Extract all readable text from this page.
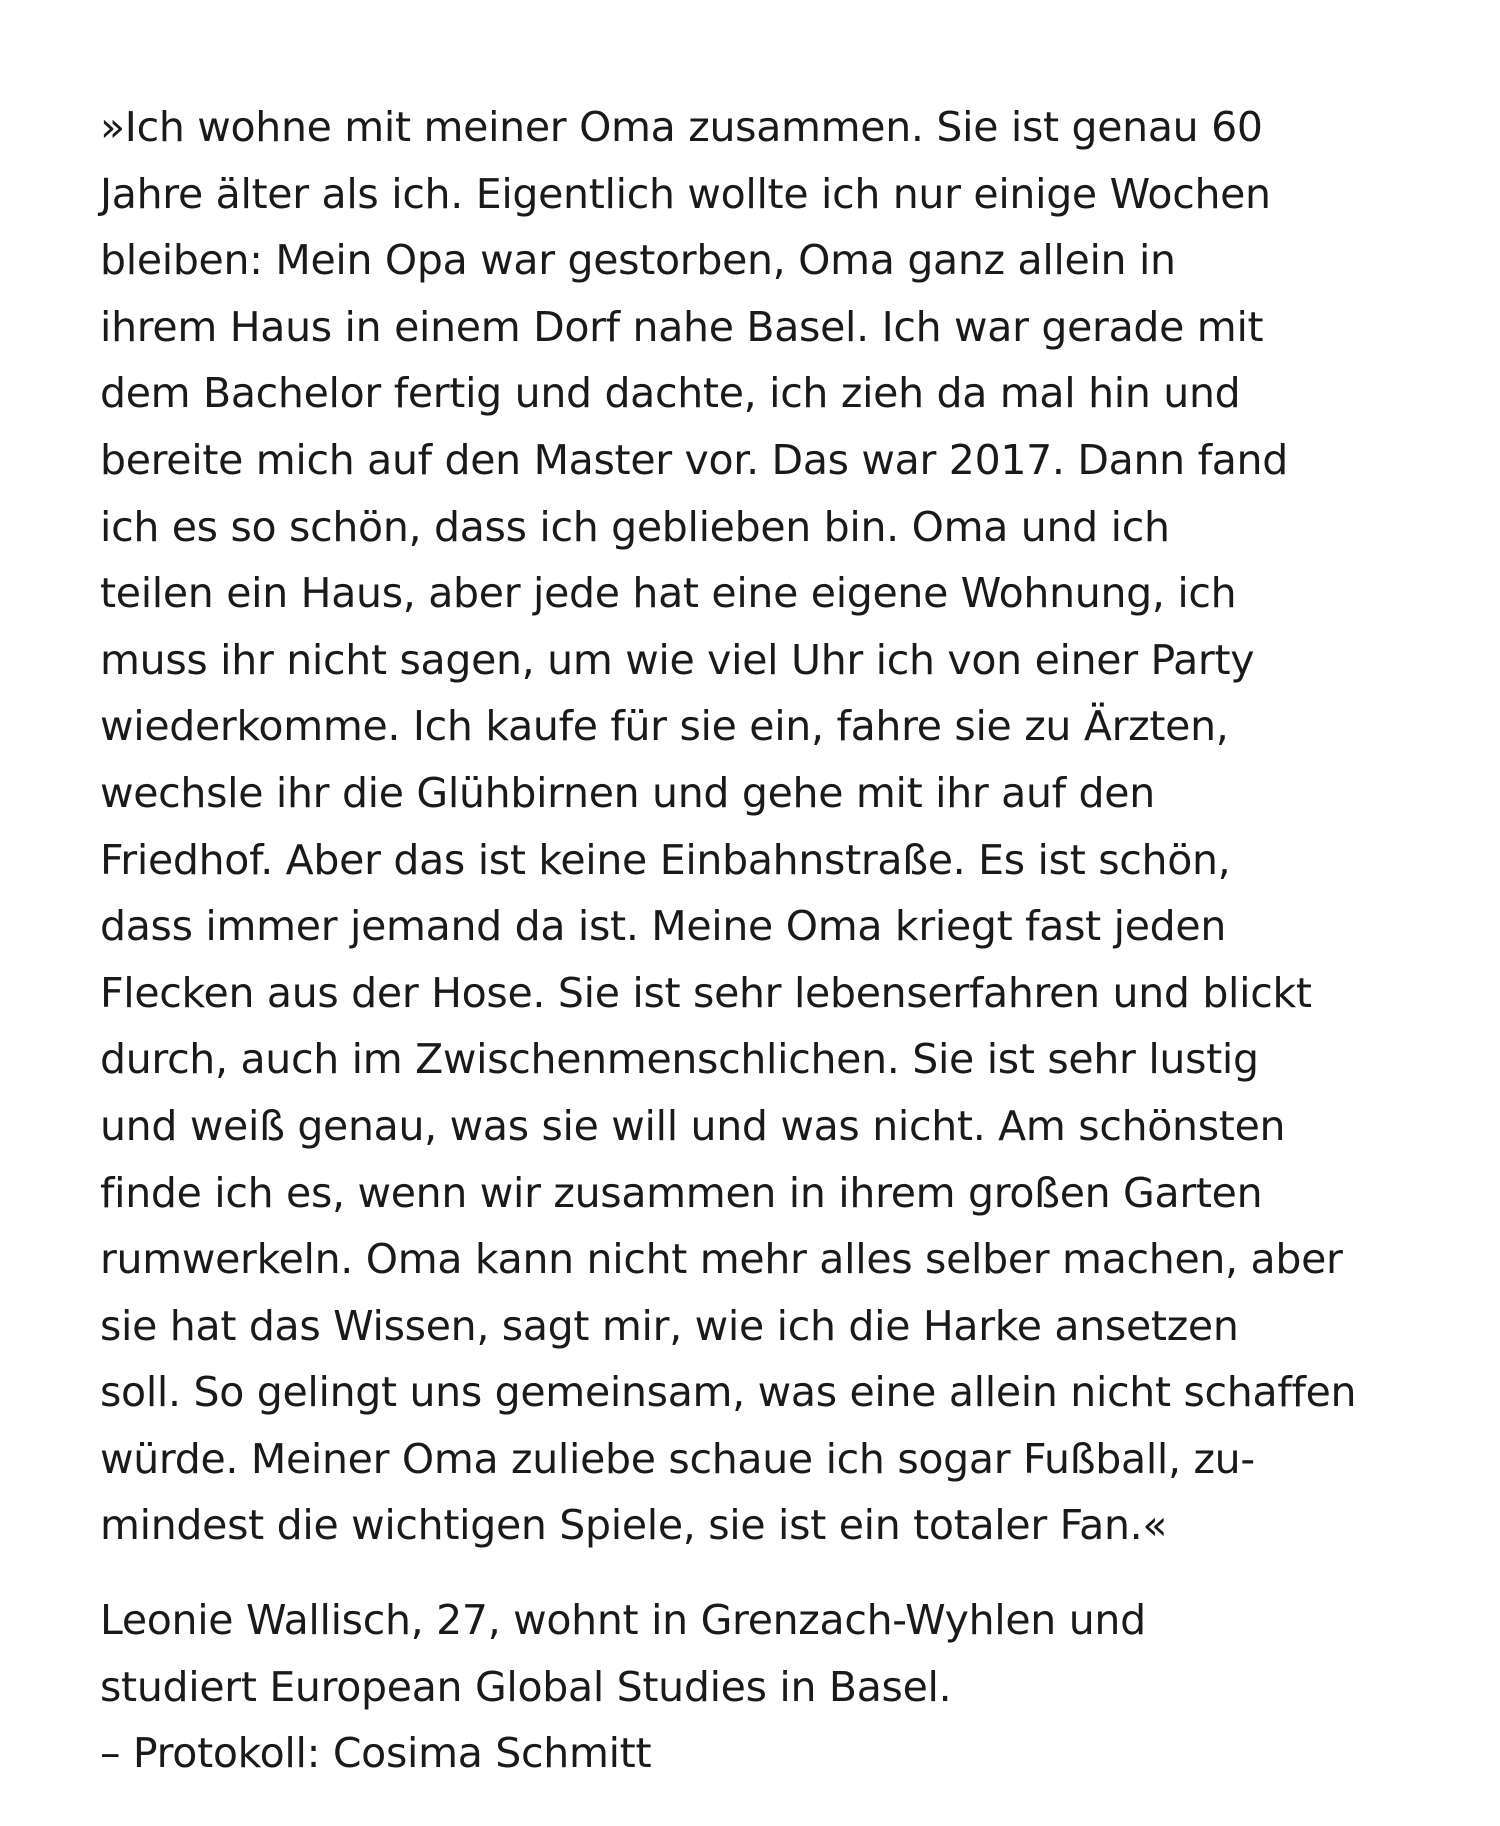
»Ich wohne mit meiner Oma zusammen. Sie ist genau 60
Jahre älter als ich. Eigentlich wollte ich nur einige Wochen
bleiben: Mein Opa war gestorben, Oma ganz allein in
ihrem Haus in einem Dorf nahe Basel. Ich war gerade mit
dem Bachelor fertig und dachte, ich zieh da mal hin und
bereite mich auf den Master vor. Das war 2017. Dann fand
ich es so schön, dass ich geblieben bin. Oma und ich
teilen ein Haus, aber jede hat eine eigene Wohnung, ich
muss ihr nicht sagen, um wie viel Uhr ich von einer Party
wiederkomme. Ich kaufe für sie ein, fahre sie zu Ärzten,
wechsle ihr die Glühbirnen und gehe mit ihr auf den
Friedhof. Aber das ist keine Einbahnstraße. Es ist schön,
dass immer jemand da ist. Meine Oma kriegt fast jeden
Flecken aus der Hose. Sie ist sehr lebenserfahren und blickt
durch, auch im Zwischenmenschlichen. Sie ist sehr lustig
und weiß genau, was sie will und was nicht. Am schönsten
finde ich es, wenn wir zusammen in ihrem großen Garten
rumwerkeln. Oma kann nicht mehr alles selber machen, aber
sie hat das Wissen, sagt mir, wie ich die Harke ansetzen
soll. So gelingt uns gemeinsam, was eine allein nicht schaffen
würde. Meiner Oma zuliebe schaue ich sogar Fußball, zu-
mindest die wichtigen Spiele, sie ist ein totaler Fan.«
Leonie Wallisch, 27, wohnt in Grenzach-Wyhlen und
studiert European Global Studies in Basel.
– Protokoll: Cosima Schmitt
